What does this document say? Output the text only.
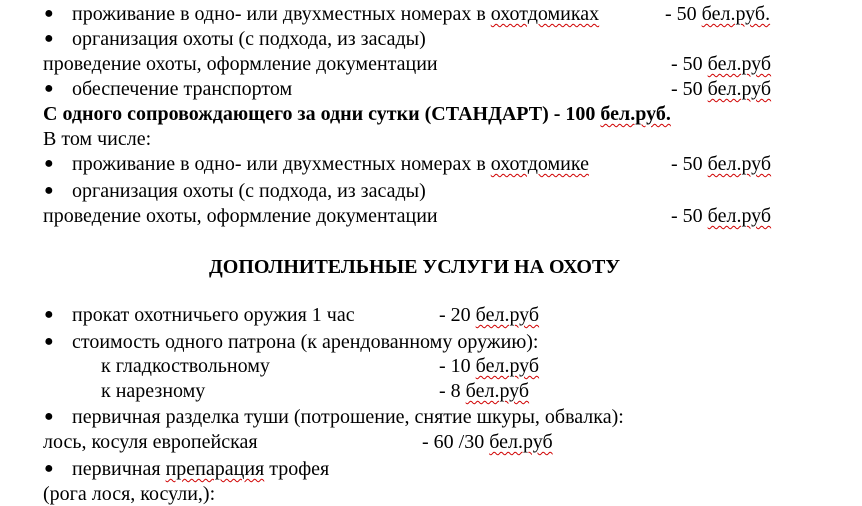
● проживание в одно- или двухместных номерах в охотдомиках	- 50 бел.руб.
● организация охоты (с подхода, из засады)
проведение охоты, оформление документации	- 50 бел.руб
● обеспечение транспортом	- 50 бел.руб
С одного сопровождающего за одни сутки (СТАНДАРТ) - 100 бел.руб.
В том числе:
● проживание в одно- или двухместных номерах в охотдомике	- 50 бел.руб
● организация охоты (с подхода, из засады)
проведение охоты, оформление документации	- 50 бел.руб
ДОПОЛНИТЕЛЬНЫЕ УСЛУГИ НА ОХОТУ
● прокат охотничьего оружия 1 час	- 20 бел.руб
● стоимость одного патрона (к арендованному оружию):
к гладкоствольному	- 10 бел.руб
к нарезному	- 8 бел.руб
● первичная разделка туши (потрошение, снятие шкуры, обвалка):
лось, косуля европейская	- 60 /30 бел.руб
● первичная препарация трофея
(рога лося, косули,):
